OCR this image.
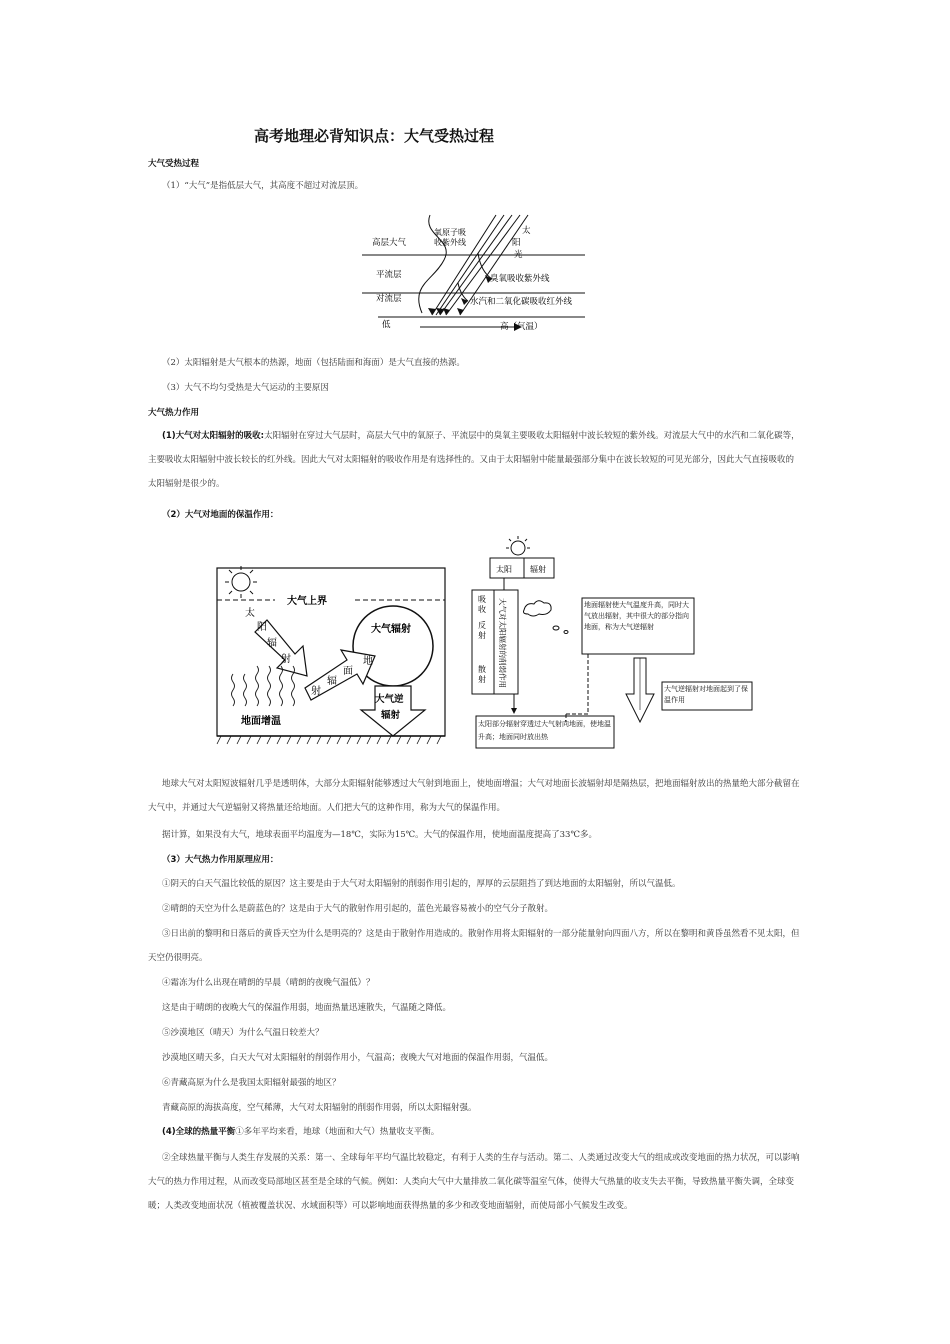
高考地理必背知识点：大气受热过程
大气受热过程
（1）“大气”是指低层大气，其高度不超过对流层顶。
高层大气
平流层
对流层
低	高（气温）
氧原子吸
收紫外线
臭氧吸收紫外线
水汽和二氧化碳吸收红外线
太
阳
光
（2）太阳辐射是大气根本的热源，地面（包括陆面和海面）是大气直接的热源。
（3）大气不均匀受热是大气运动的主要原因
大气热力作用
(1)大气对太阳辐射的吸收:太阳辐射在穿过大气层时，高层大气中的氧原子、平流层中的臭氧主要吸收太阳辐射中波长较短的紫外线。对流层大气中的水汽和二氧化碳等，主要吸收太阳辐射中波长较长的红外线。因此大气对太阳辐射的吸收作用是有选择性的。又由于太阳辐射中能量最强部分集中在波长较短的可见光部分，因此大气直接吸收的太阳辐射是很少的。
（2）大气对地面的保温作用：
大气上界
大气辐射
太
阳
辐
射	地
面
辐
射
大气逆
辐射
地面增温
太阳 辐射
吸
收
反
射
散
射 大气对太阳辐射的削弱作用	地面辐射使大气温度升高，同时大气放出辐射，其中很大的部分指向地面，称为大气逆辐射
大气逆辐射对地面起到了保温作用
太阳部分辐射穿透过大气射向地面，使地温升高；地面同时放出热
地球大气对太阳短波辐射几乎是透明体，大部分太阳辐射能够透过大气射到地面上，使地面增温；大气对地面长波辐射却是隔热层，把地面辐射放出的热量绝大部分截留在大气中，并通过大气逆辐射又将热量还给地面。人们把大气的这种作用，称为大气的保温作用。
据计算，如果没有大气，地球表面平均温度为—18℃，实际为15℃。大气的保温作用，使地面温度提高了33℃多。
（3）大气热力作用原理应用：
①阴天的白天气温比较低的原因？这主要是由于大气对太阳辐射的削弱作用引起的，厚厚的云层阻挡了到达地面的太阳辐射，所以气温低。
②晴朗的天空为什么是蔚蓝色的？这是由于大气的散射作用引起的，蓝色光最容易被小的空气分子散射。
③日出前的黎明和日落后的黄昏天空为什么是明亮的？这是由于散射作用造成的。散射作用将太阳辐射的一部分能量射向四面八方，所以在黎明和黄昏虽然看不见太阳，但天空仍很明亮。
④霜冻为什么出现在晴朗的早晨（晴朗的夜晚气温低）？
这是由于晴朗的夜晚大气的保温作用弱，地面热量迅速散失，气温随之降低。
⑤沙漠地区（晴天）为什么气温日较差大？
沙漠地区晴天多，白天大气对太阳辐射的削弱作用小，气温高；夜晚大气对地面的保温作用弱，气温低。
⑥青藏高原为什么是我国太阳辐射最强的地区？
青藏高原的海拔高度，空气稀薄，大气对太阳辐射的削弱作用弱，所以太阳辐射强。
(4)全球的热量平衡①多年平均来看，地球（地面和大气）热量收支平衡。
②全球热量平衡与人类生存发展的关系：第一、全球每年平均气温比较稳定，有利于人类的生存与活动。第二、人类通过改变大气的组成或改变地面的热力状况，可以影响大气的热力作用过程，从而改变局部地区甚至是全球的气候。例如：人类向大气中大量排放二氧化碳等温室气体，使得大气热量的收支失去平衡，导致热量平衡失调，全球变暖；人类改变地面状况（植被覆盖状况、水域面积等）可以影响地面获得热量的多少和改变地面辐射，而使局部小气候发生改变。
